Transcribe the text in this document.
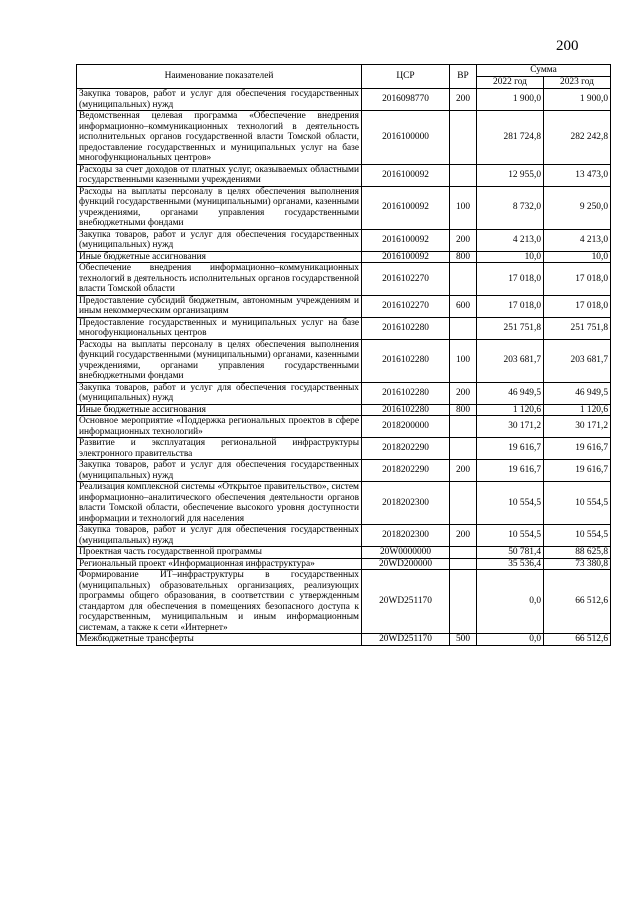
200
Наименование показателей	ЦСР	ВР	Сумма	
			2022 год	2023 год
Закупка товаров, работ и услуг для обеспечения государственных (муниципальных) нужд	2016098770	200	1 900,0	1 900,0
Ведомственная целевая программа «Обеспечение внедрения информационно–коммуникационных технологий в деятельность исполнительных органов государственной власти Томской области, предоставление государственных и муниципальных услуг на базе многофункциональных центров»	2016100000		281 724,8	282 242,8
Расходы за счет доходов от платных услуг, оказываемых областными государственными казенными учреждениями	2016100092		12 955,0	13 473,0
Расходы на выплаты персоналу в целях обеспечения выполнения функций государственными (муниципальными) органами, казенными учреждениями, органами управления государственными внебюджетными фондами	2016100092	100	8 732,0	9 250,0
Закупка товаров, работ и услуг для обеспечения государственных (муниципальных) нужд	2016100092	200	4 213,0	4 213,0
Иные бюджетные ассигнования	2016100092	800	10,0	10,0
Обеспечение внедрения информационно–коммуникационных технологий в деятельность исполнительных органов государственной власти Томской области	2016102270		17 018,0	17 018,0
Предоставление субсидий бюджетным, автономным учреждениям и иным некоммерческим организациям	2016102270	600	17 018,0	17 018,0
Предоставление государственных и муниципальных услуг на базе многофункциональных центров	2016102280		251 751,8	251 751,8
Расходы на выплаты персоналу в целях обеспечения выполнения функций государственными (муниципальными) органами, казенными учреждениями, органами управления государственными внебюджетными фондами	2016102280	100	203 681,7	203 681,7
Закупка товаров, работ и услуг для обеспечения государственных (муниципальных) нужд	2016102280	200	46 949,5	46 949,5
Иные бюджетные ассигнования	2016102280	800	1 120,6	1 120,6
Основное мероприятие «Поддержка региональных проектов в сфере информационных технологий»	2018200000		30 171,2	30 171,2
Развитие и эксплуатация региональной инфраструктуры электронного правительства	2018202290		19 616,7	19 616,7
Закупка товаров, работ и услуг для обеспечения государственных (муниципальных) нужд	2018202290	200	19 616,7	19 616,7
Реализация комплексной системы «Открытое правительство», систем информационно–аналитического обеспечения деятельности органов власти Томской области, обеспечение высокого уровня доступности информации и технологий для населения	2018202300		10 554,5	10 554,5
Закупка товаров, работ и услуг для обеспечения государственных (муниципальных) нужд	2018202300	200	10 554,5	10 554,5
Проектная часть государственной программы	20W0000000		50 781,4	88 625,8
Региональный проект «Информационная инфраструктура»	20WD200000		35 536,4	73 380,8
Формирование ИТ–инфраструктуры в государственных (муниципальных) образовательных организациях, реализующих программы общего образования, в соответствии с утвержденным стандартом для обеспечения в помещениях безопасного доступа к государственным, муниципальным и иным информационным системам, а также к сети «Интернет»	20WD251170		0,0	66 512,6
Межбюджетные трансферты	20WD251170	500	0,0	66 512,6
